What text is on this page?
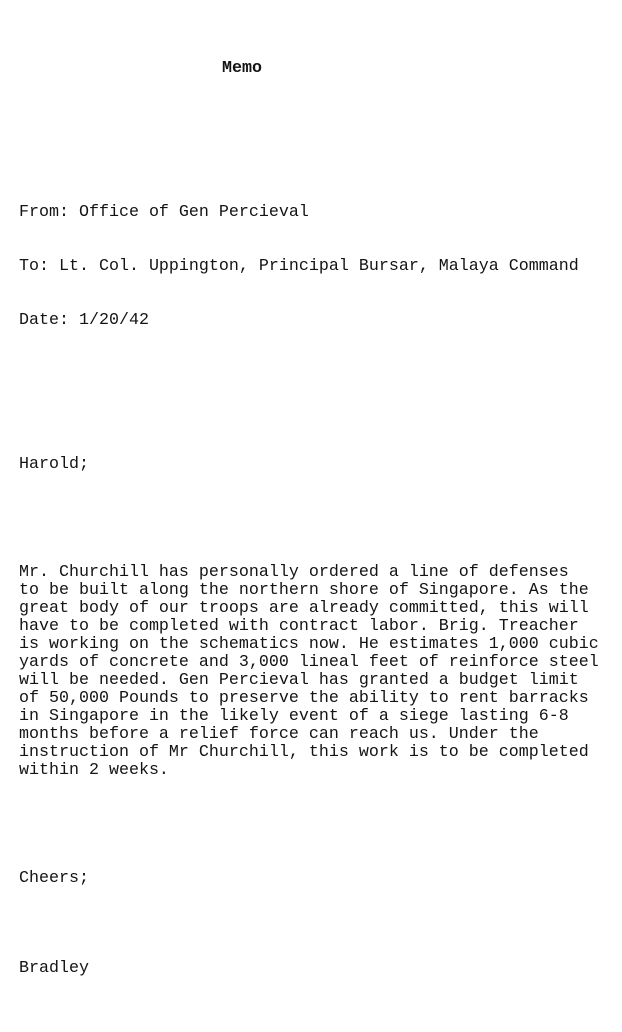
Memo

From: Office of Gen Percieval

To: Lt. Col. Uppington, Principal Bursar, Malaya Command

Date: 1/20/42

Harold;

Mr. Churchill has personally ordered a line of defenses
to be built along the northern shore of Singapore. As the
great body of our troops are already committed, this will
have to be completed with contract labor. Brig. Treacher
is working on the schematics now. He estimates 1,000 cubic
yards of concrete and 3,000 lineal feet of reinforce steel
will be needed. Gen Percieval has granted a budget limit
of 50,000 Pounds to preserve the ability to rent barracks
in Singapore in the likely event of a siege lasting 6-8
months before a relief force can reach us. Under the
instruction of Mr Churchill, this work is to be completed
within 2 weeks.

Cheers;

Bradley
